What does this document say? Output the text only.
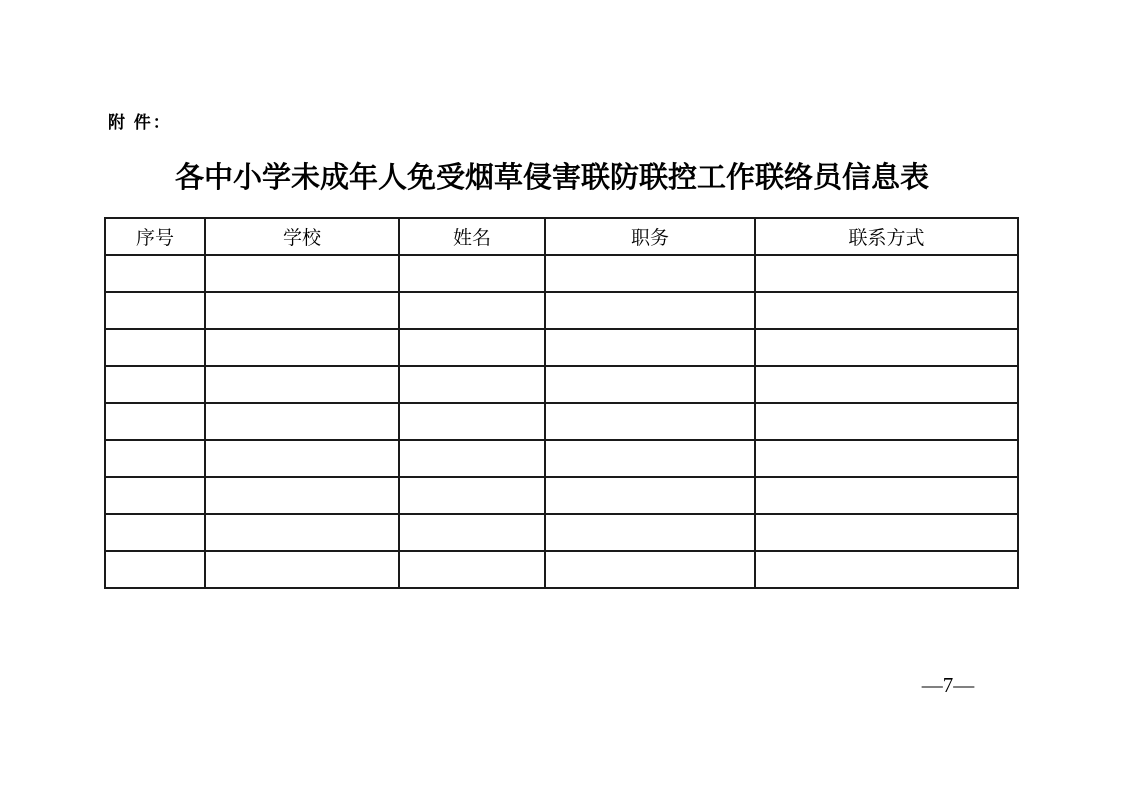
附 件：
各中小学未成年人免受烟草侵害联防联控工作联络员信息表
序号	学校	姓名	职务	联系方式

—7—
